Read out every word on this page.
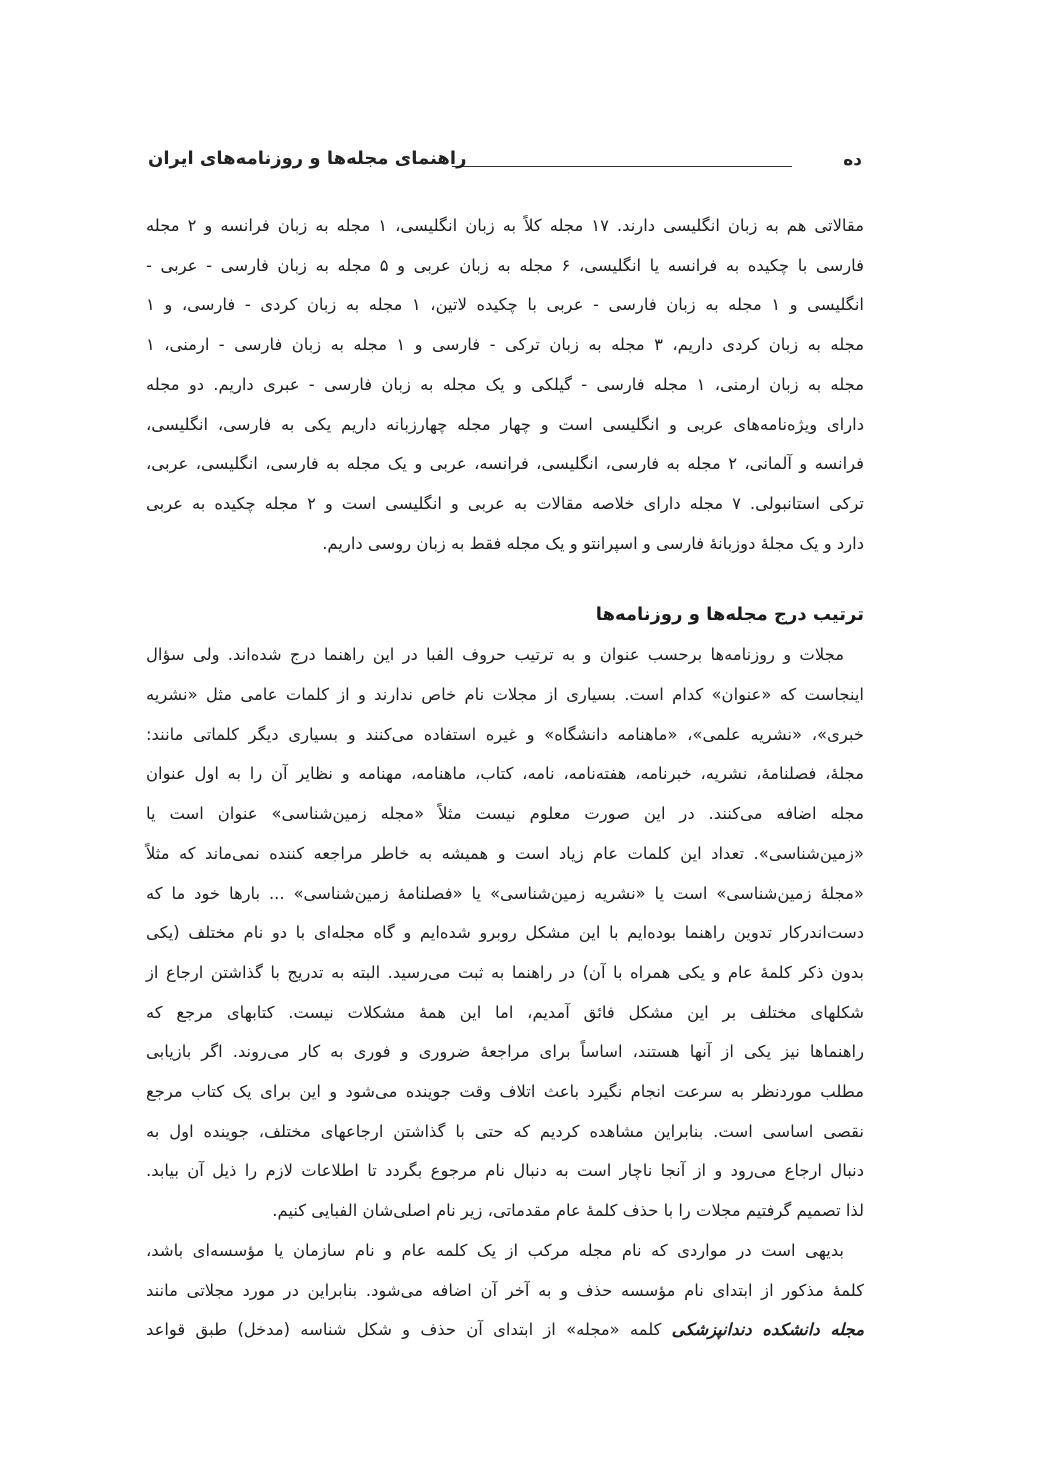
ده
راهنمای مجله‌ها و روزنامه‌های ایران
مقالاتی هم به زبان انگلیسی دارند. ۱۷ مجله کلاً به زبان انگلیسی، ۱ مجله به زبان فرانسه و ۲ مجله
فارسی با چکیده به فرانسه یا انگلیسی، ۶ مجله به زبان عربی و ۵ مجله به زبان فارسی - عربی -
انگلیسی و ۱ مجله به زبان فارسی - عربی با چکیده لاتین، ۱ مجله به زبان کردی - فارسی، و ۱
مجله به زبان کردی داریم، ۳ مجله به زبان ترکی - فارسی و ۱ مجله به زبان فارسی - ارمنی، ۱
مجله به زبان ارمنی، ۱ مجله فارسی - گیلکی و یک مجله به زبان فارسی - عبری داریم. دو مجله
دارای ویژه‌نامه‌های عربی و انگلیسی است و چهار مجله چهارزبانه داریم یکی به فارسی، انگلیسی،
فرانسه و آلمانی، ۲ مجله به فارسی، انگلیسی، فرانسه، عربی و یک مجله به فارسی، انگلیسی، عربی،
ترکی استانبولی. ۷ مجله دارای خلاصه مقالات به عربی و انگلیسی است و ۲ مجله چکیده به عربی
دارد و یک مجلهٔ دوزبانهٔ فارسی و اسپرانتو و یک مجله فقط به زبان روسی داریم.
ترتیب درج مجله‌ها و روزنامه‌ها
مجلات و روزنامه‌ها برحسب عنوان و به ترتیب حروف الفبا در این راهنما درج شده‌اند. ولی سؤال
اینجاست که «عنوان» کدام است. بسیاری از مجلات نام خاص ندارند و از کلمات عامی مثل «نشریه
خبری»، «نشریه علمی»، «ماهنامه دانشگاه» و غیره استفاده می‌کنند و بسیاری دیگر کلماتی مانند:
مجلهٔ، فصلنامهٔ، نشریه، خبرنامه، هفته‌نامه، نامه، کتاب، ماهنامه، مهنامه و نظایر آن را به اول عنوان
مجله اضافه می‌کنند. در این صورت معلوم نیست مثلاً «مجله زمین‌شناسی» عنوان است یا
«زمین‌شناسی». تعداد این کلمات عام زیاد است و همیشه به خاطر مراجعه کننده نمی‌ماند که مثلاً
«مجلهٔ زمین‌شناسی» است یا «نشریه زمین‌شناسی» یا «فصلنامهٔ زمین‌شناسی» ... بارها خود ما که
دست‌اندرکار تدوین راهنما بوده‌ایم با این مشکل روبرو شده‌ایم و گاه مجله‌ای با دو نام مختلف (یکی
بدون ذکر کلمهٔ عام و یکی همراه با آن) در راهنما به ثبت می‌رسید. البته به تدریج با گذاشتن ارجاع از
شکلهای مختلف بر این مشکل فائق آمدیم، اما این همهٔ مشکلات نیست. کتابهای مرجع که
راهنماها نیز یکی از آنها هستند، اساساً برای مراجعهٔ ضروری و فوری به کار می‌روند. اگر بازیابی
مطلب موردنظر به سرعت انجام نگیرد باعث اتلاف وقت جوینده می‌شود و این برای یک کتاب مرجع
نقصی اساسی است. بنابراین مشاهده کردیم که حتی با گذاشتن ارجاعهای مختلف، جوینده اول به
دنبال ارجاع می‌رود و از آنجا ناچار است به دنبال نام مرجوع بگردد تا اطلاعات لازم را ذیل آن بیابد.
لذا تصمیم گرفتیم مجلات را با حذف کلمهٔ عام مقدماتی، زیر نام اصلی‌شان الفبایی کنیم.
بدیهی است در مواردی که نام مجله مرکب از یک کلمه عام و نام سازمان یا مؤسسه‌ای باشد،
کلمهٔ مذکور از ابتدای نام مؤسسه حذف و به آخر آن اضافه می‌شود. بنابراین در مورد مجلاتی مانند
مجله دانشکده دندانپزشکی کلمه «مجله» از ابتدای آن حذف و شکل شناسه (مدخل) طبق قواعد
